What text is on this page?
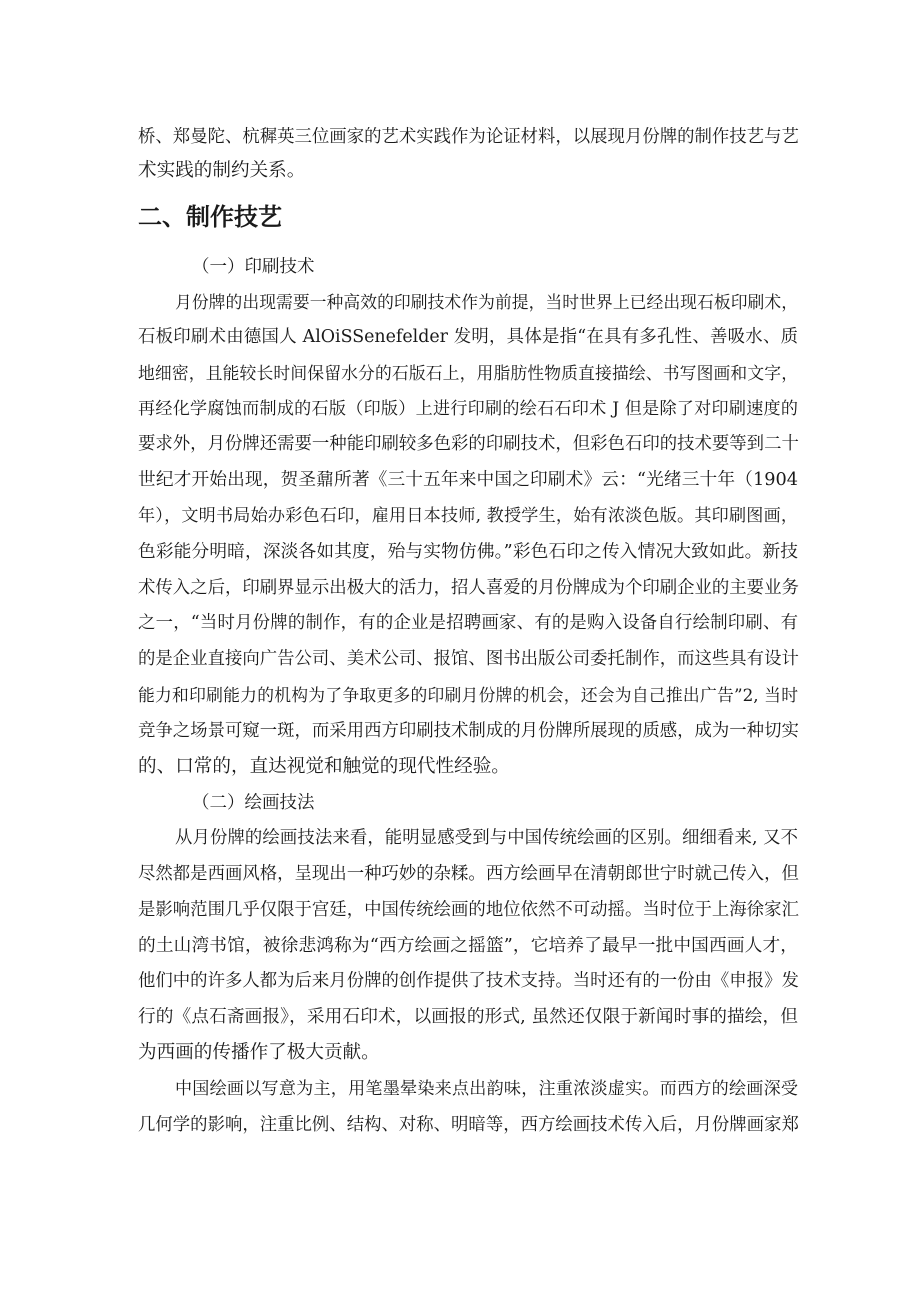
桥、郑曼陀、杭穉英三位画家的艺术实践作为论证材料，以展现月份牌的制作技艺与艺
术实践的制约关系。
二、制作技艺
（一）印刷技术
月份牌的出现需要一种高效的印刷技术作为前提，当时世界上已经出现石板印刷术，
石板印刷术由德国人 AlOiSSenefelder 发明，具体是指“在具有多孔性、善吸水、质
地细密，且能较长时间保留水分的石版石上，用脂肪性物质直接描绘、书写图画和文字，
再经化学腐蚀而制成的石版（印版）上进行印刷的绘石石印术 J 但是除了对印刷速度的
要求外，月份牌还需要一种能印刷较多色彩的印刷技术，但彩色石印的技术要等到二十
世纪才开始出现，贺圣鼐所著《三十五年来中国之印刷术》云：“光绪三十年（1904
年），文明书局始办彩色石印，雇用日本技师, 教授学生，始有浓淡色版。其印刷图画，
色彩能分明暗，深淡各如其度，殆与实物仿佛。”彩色石印之传入情况大致如此。新技
术传入之后，印刷界显示出极大的活力，招人喜爱的月份牌成为个印刷企业的主要业务
之一，“当时月份牌的制作，有的企业是招聘画家、有的是购入设备自行绘制印刷、有
的是企业直接向广告公司、美术公司、报馆、图书出版公司委托制作，而这些具有设计
能力和印刷能力的机构为了争取更多的印刷月份牌的机会，还会为自己推出广告”2, 当时
竞争之场景可窥一斑，而采用西方印刷技术制成的月份牌所展现的质感，成为一种切实
的、口常的，直达视觉和触觉的现代性经验。
（二）绘画技法
从月份牌的绘画技法来看，能明显感受到与中国传统绘画的区别。细细看来, 又不
尽然都是西画风格，呈现出一种巧妙的杂糅。西方绘画早在清朝郎世宁时就己传入，但
是影响范围几乎仅限于宫廷，中国传统绘画的地位依然不可动摇。当时位于上海徐家汇
的土山湾书馆，被徐悲鸿称为“西方绘画之摇篮”，它培养了最早一批中国西画人才，
他们中的许多人都为后来月份牌的创作提供了技术支持。当时还有的一份由《申报》发
行的《点石斋画报》，采用石印术，以画报的形式, 虽然还仅限于新闻时事的描绘，但
为西画的传播作了极大贡献。
中国绘画以写意为主，用笔墨晕染来点出韵味，注重浓淡虚实。而西方的绘画深受
几何学的影响，注重比例、结构、对称、明暗等，西方绘画技术传入后，月份牌画家郑
